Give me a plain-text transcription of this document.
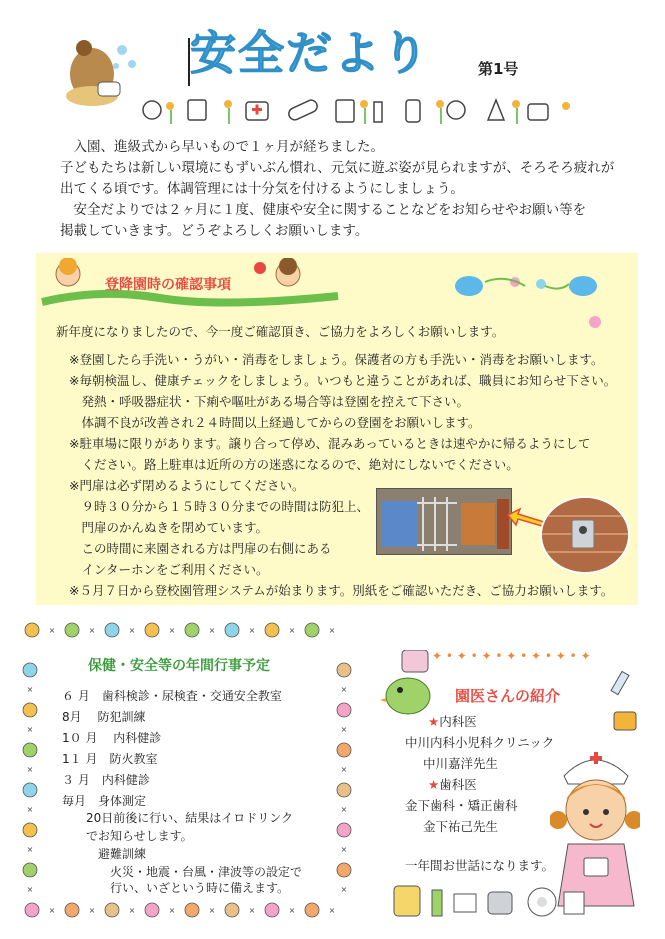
安全だより	第1号

　入園、進級式から早いもので１ヶ月が経ちました。

子どもたちは新しい環境にもずいぶん慣れ、元気に遊ぶ姿が見られますが、そろそろ疲れが

出てくる頃です。体調管理には十分気を付けるようにしましょう。

　安全だよりでは２ヶ月に１度、健康や安全に関することなどをお知らせやお願い等を

掲載していきます。どうぞよろしくお願いします。

登降園時の確認事項
新年度になりましたので、今一度ご確認頂き、ご協力をよろしくお願いします。
※登園したら手洗い・うがい・消毒をしましょう。保護者の方も手洗い・消毒をお願いします。
※毎朝検温し、健康チェックをしましょう。いつもと違うことがあれば、職員にお知らせ下さい。
　発熱・呼吸器症状・下痢や嘔吐がある場合等は登園を控えて下さい。
　体調不良が改善され２４時間以上経過してからの登園をお願いします。
※駐車場に限りがあります。譲り合って停め、混みあっているときは速やかに帰るようにして
　ください。路上駐車は近所の方の迷惑になるので、絶対にしないでください。
※門扉は必ず閉めるようにしてください。
　９時３０分から１５時３０分までの時間は防犯上、
　門扉のかんぬきを閉めています。
　この時間に来園される方は門扉の右側にある
　インターホンをご利用ください。
※５月７日から登校園管理システムが始まります。別紙をご確認いただき、ご協力お願いします。
×
×
×
×
×
×
×
×
×
×
×
×
×
×
×
×
×	×
×	×
×	×
×	×
×	×
×	×
保健・安全等の年間行事予定
６ 月　歯科検診・尿検査・交通安全教室
8月　 防犯訓練
1０ 月 　内科健診
1１ 月　防火教室
３ 月　内科健診
毎月　身体測定
　　20日前後に行い、結果はイロドリンク
　　でお知らせします。
　　　避難訓練
　　　　火災・地震・台風・津波等の設定で
　　　　行い、いざという時に備えます。
✦ • ✦ • ✦ • ✦ • ✦ • ✦ • ✦
園医さんの紹介
★内科医
中川内科小児科クリニック
中川嘉洋先生
★歯科医
金下歯科・矯正歯科
金下祐己先生
一年間お世話になります。
